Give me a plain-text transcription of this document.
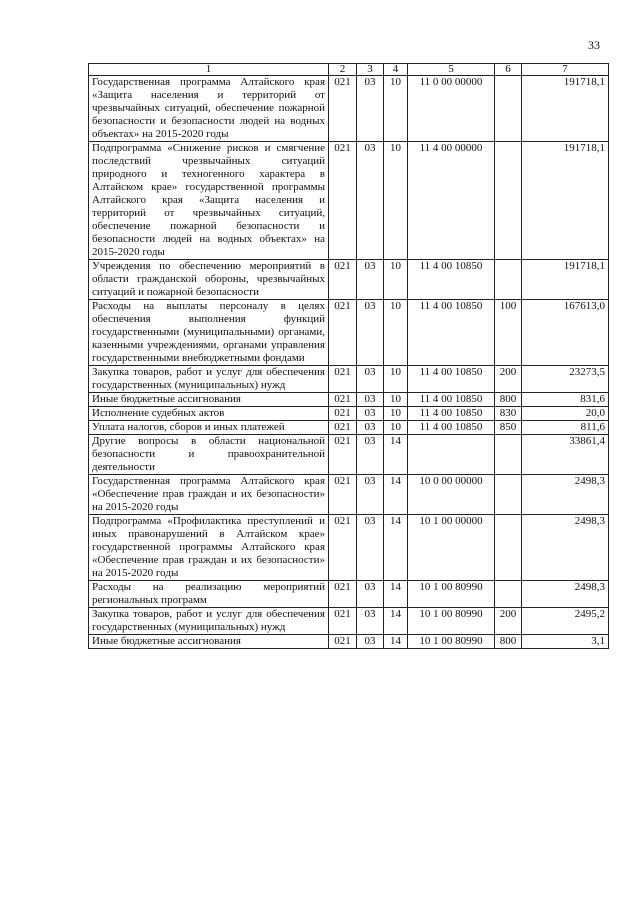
33
1	2	3	4	5	6	7
Государственная программа Алтайского края «Защита населения и территорий от чрезвычайных ситуаций, обеспечение пожарной безопасности и безопасности людей на водных объектах» на 2015-2020 годы	021	03	10	11 0 00 00000		191718,1
Подпрограмма «Снижение рисков и смягчение последствий чрезвычайных ситуаций природного и техногенного характера в Алтайском крае» государственной программы Алтайского края «Защита населения и территорий от чрезвычайных ситуаций, обеспечение пожарной безопасности и безопасности людей на водных объектах» на 2015-2020 годы	021	03	10	11 4 00 00000		191718,1
Учреждения по обеспечению мероприятий в области гражданской обороны, чрезвычайных ситуаций и пожарной безопасности	021	03	10	11 4 00 10850		191718,1
Расходы на выплаты персоналу в целях обеспечения выполнения функций государственными (муниципальными) органами, казенными учреждениями, органами управления государственными внебюджетными фондами	021	03	10	11 4 00 10850	100	167613,0
Закупка товаров, работ и услуг для обеспечения государственных (муниципальных) нужд	021	03	10	11 4 00 10850	200	23273,5
Иные бюджетные ассигнования	021	03	10	11 4 00 10850	800	831,6
Исполнение судебных актов	021	03	10	11 4 00 10850	830	20,0
Уплата налогов, сборов и иных платежей	021	03	10	11 4 00 10850	850	811,6
Другие вопросы в области национальной безопасности и правоохранительной деятельности	021	03	14			33861,4
Государственная программа Алтайского края «Обеспечение прав граждан и их безопасности» на 2015-2020 годы	021	03	14	10 0 00 00000		2498,3
Подпрограмма «Профилактика преступлений и иных правонарушений в Алтайском крае» государственной программы Алтайского края «Обеспечение прав граждан и их безопасности» на 2015-2020 годы	021	03	14	10 1 00 00000		2498,3
Расходы на реализацию мероприятий региональных программ	021	03	14	10 1 00 80990		2498,3
Закупка товаров, работ и услуг для обеспечения государственных (муниципальных) нужд	021	03	14	10 1 00 80990	200	2495,2
Иные бюджетные ассигнования	021	03	14	10 1 00 80990	800	3,1
